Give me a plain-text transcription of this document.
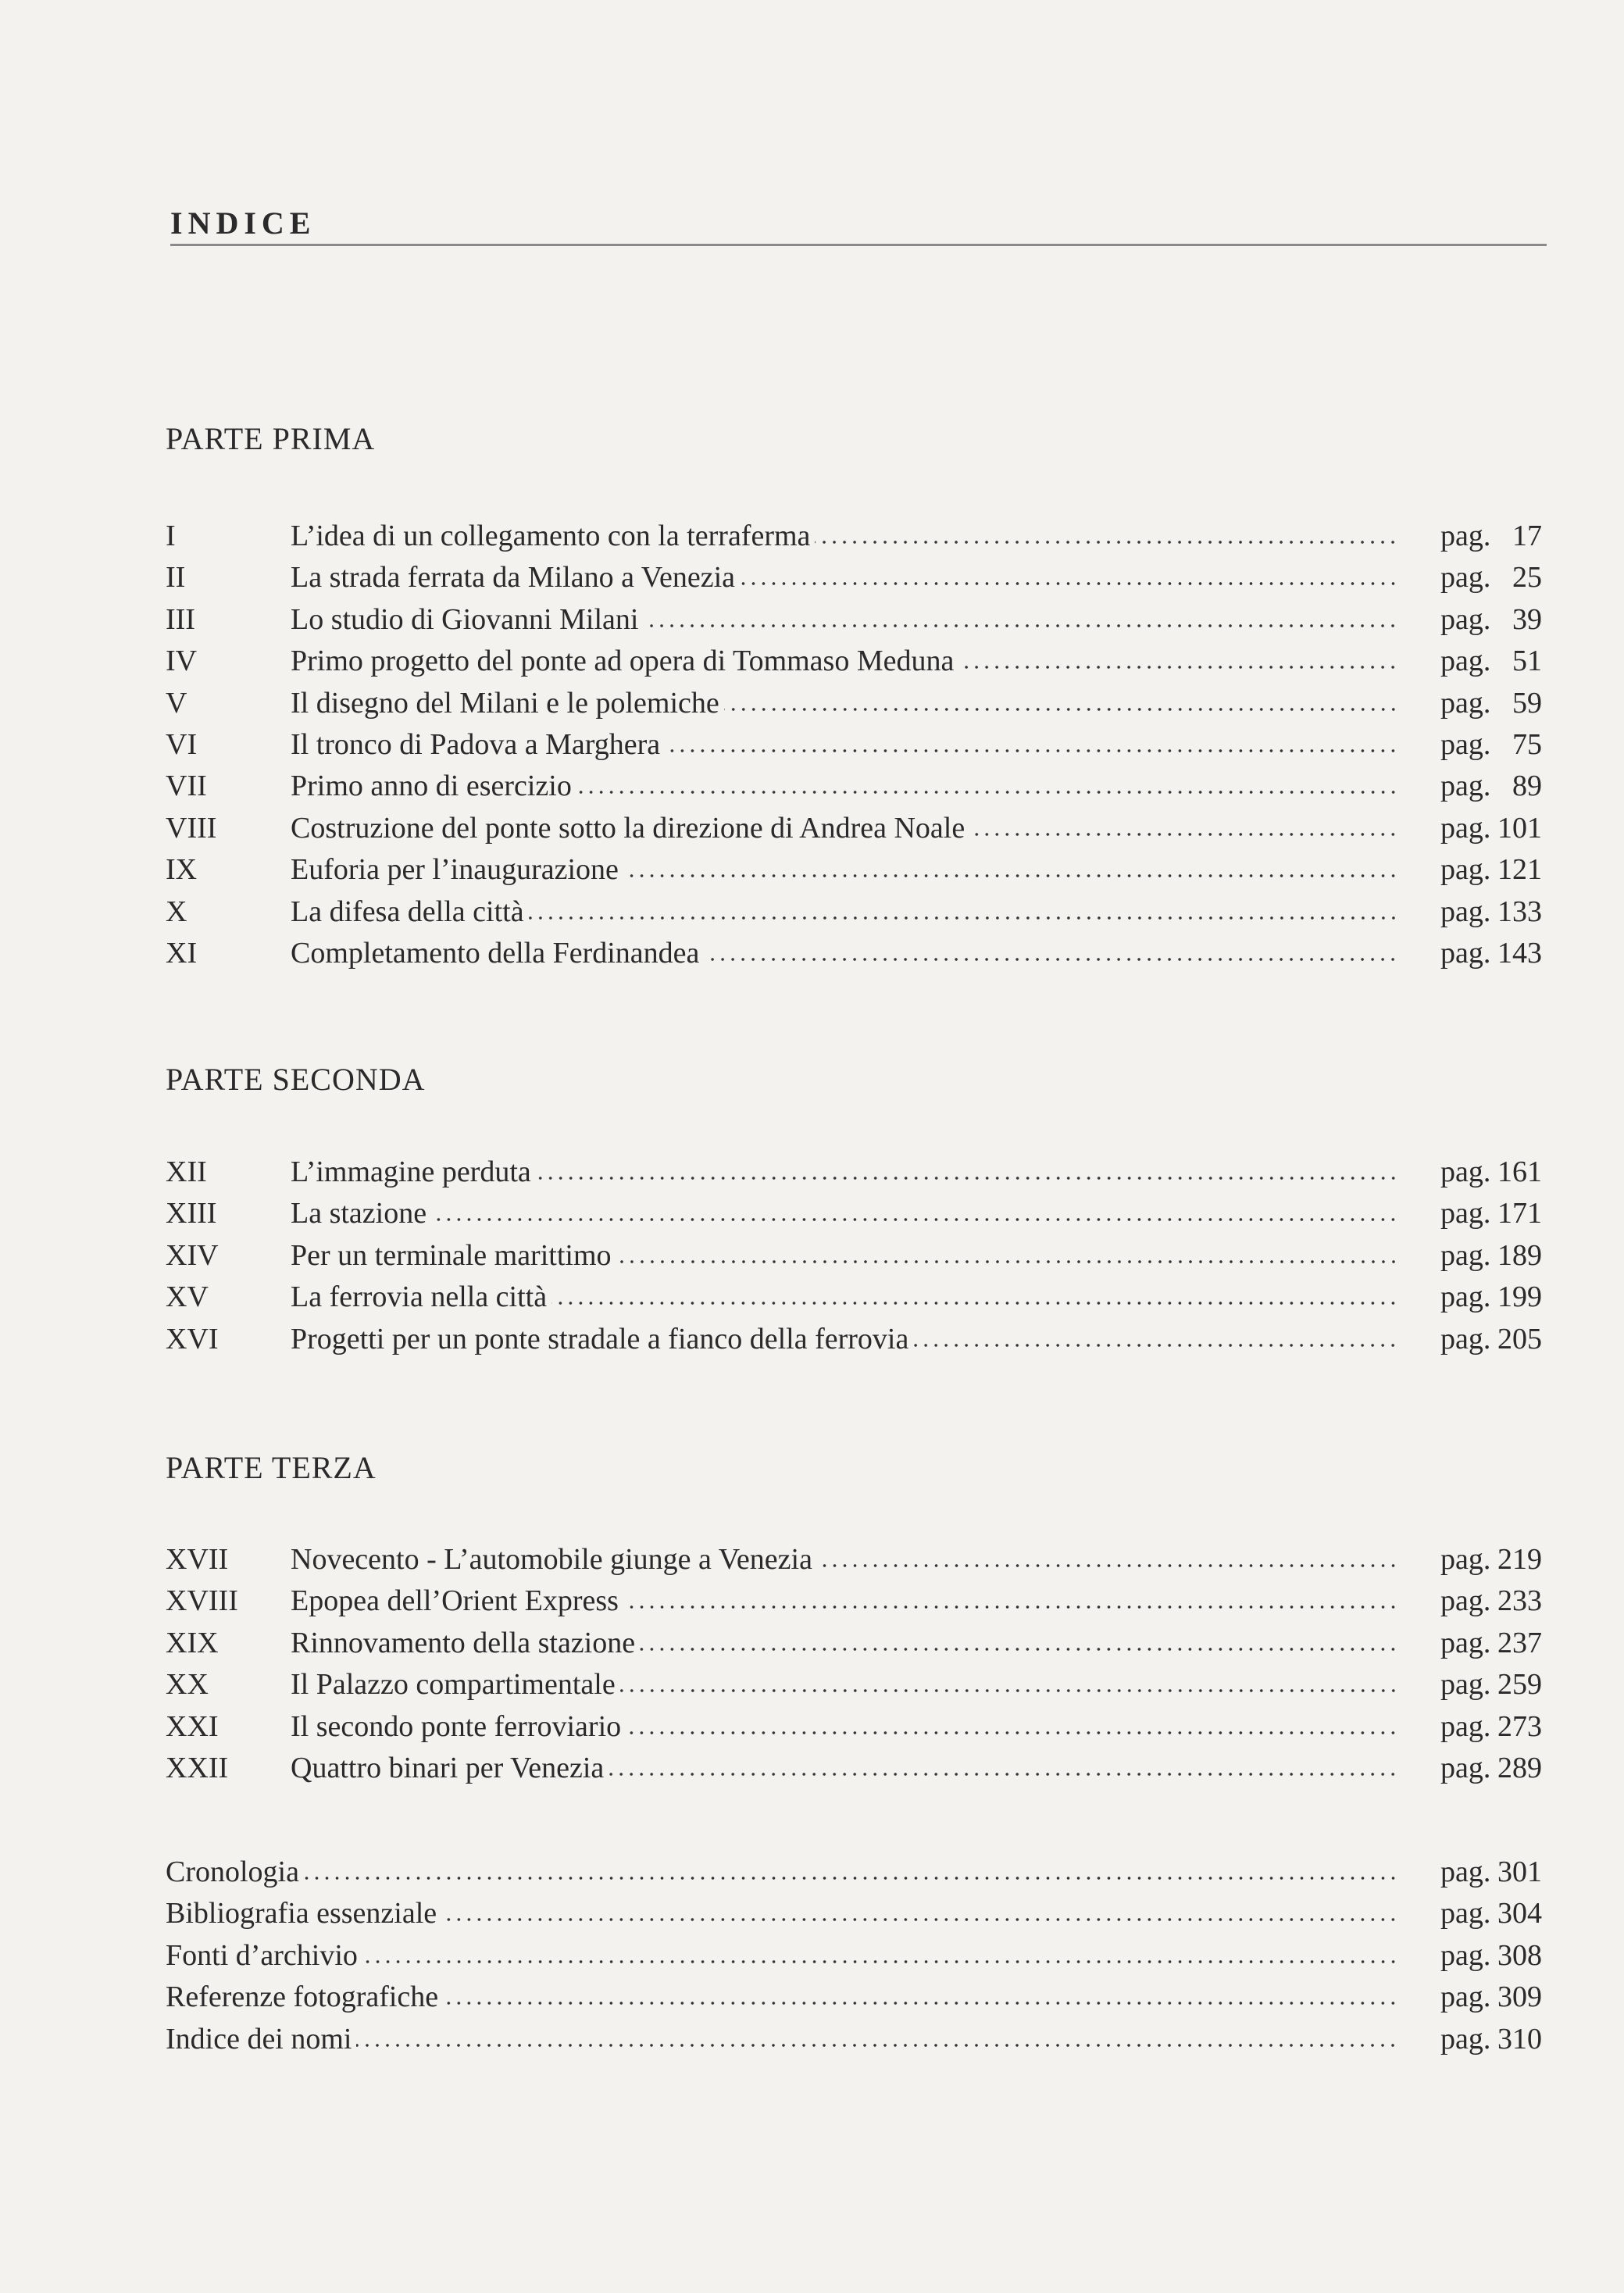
INDICE
PARTE PRIMA
I	L’idea di un collegamento con la terraferma	pag. 17
II	La strada ferrata da Milano a Venezia	pag. 25
III	Lo studio di Giovanni Milani	pag. 39
IV	Primo progetto del ponte ad opera di Tommaso Meduna	pag. 51
V	Il disegno del Milani e le polemiche	pag. 59
VI	Il tronco di Padova a Marghera	pag. 75
VII	Primo anno di esercizio	pag. 89
VIII	Costruzione del ponte sotto la direzione di Andrea Noale	pag. 101
IX	Euforia per l’inaugurazione	pag. 121
X	La difesa della città	pag. 133
XI	Completamento della Ferdinandea	pag. 143
PARTE SECONDA
XII	L’immagine perduta	pag. 161
XIII	La stazione	pag. 171
XIV	Per un terminale marittimo	pag. 189
XV	La ferrovia nella città	pag. 199
XVI	Progetti per un ponte stradale a fianco della ferrovia	pag. 205
PARTE TERZA
XVII	Novecento - L’automobile giunge a Venezia	pag. 219
XVIII	Epopea dell’Orient Express	pag. 233
XIX	Rinnovamento della stazione	pag. 237
XX	Il Palazzo compartimentale	pag. 259
XXI	Il secondo ponte ferroviario	pag. 273
XXII	Quattro binari per Venezia	pag. 289
Cronologia	pag. 301
Bibliografia essenziale	pag. 304
Fonti d’archivio	pag. 308
Referenze fotografiche	pag. 309
Indice dei nomi	pag. 310
